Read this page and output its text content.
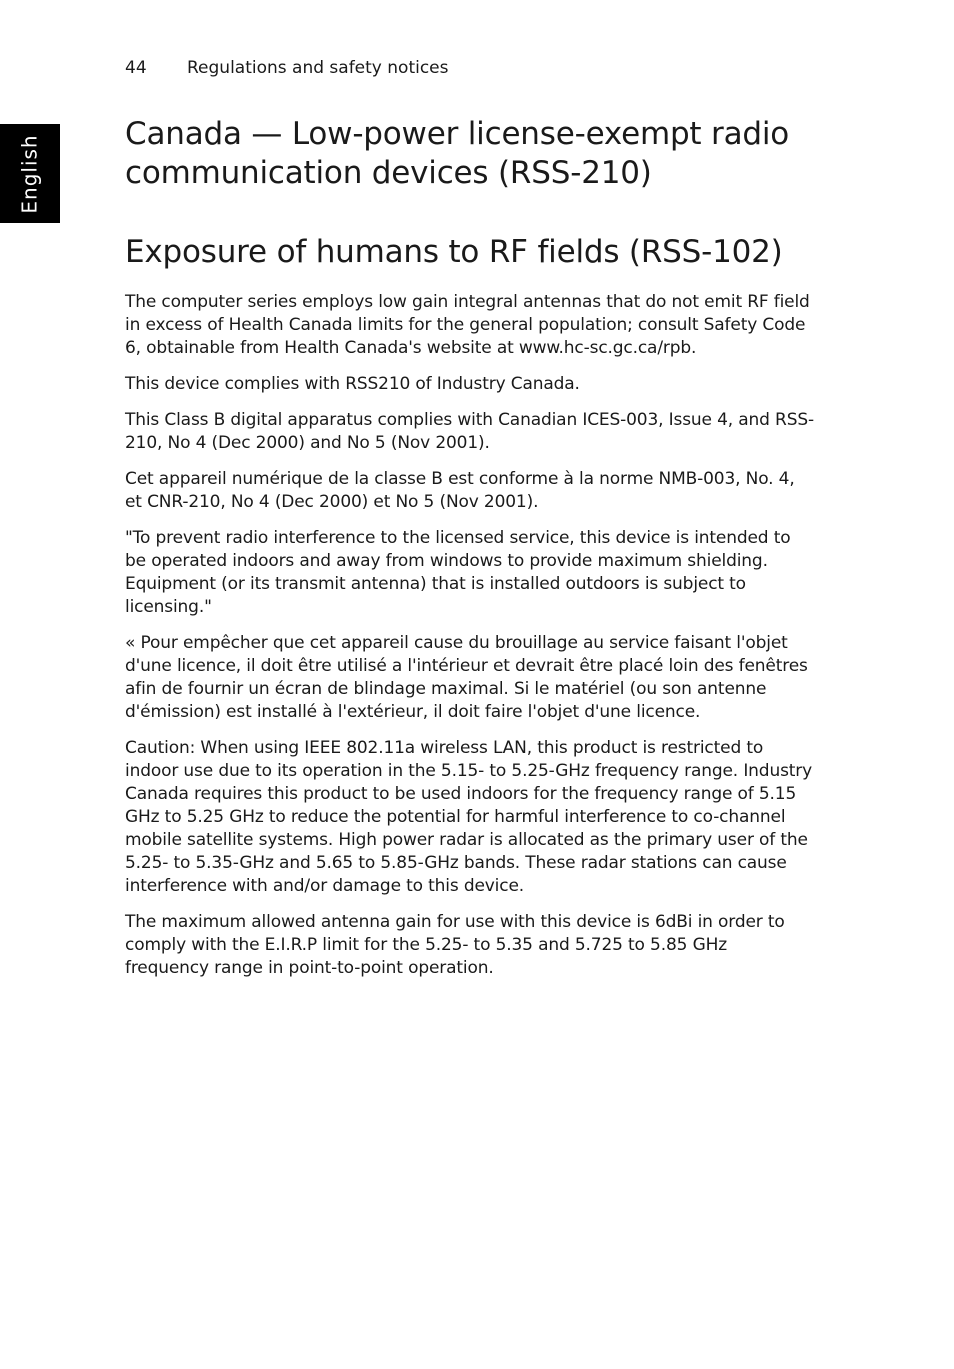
44	Regulations and safety notices
English	Canada — Low-power license-exempt radio communication devices (RSS-210)
Exposure of humans to RF fields (RSS-102)

The computer series employs low gain integral antennas that do not emit RF field in excess of Health Canada limits for the general population; consult Safety Code 6, obtainable from Health Canada's website at www.hc-sc.gc.ca/rpb.

This device complies with RSS210 of Industry Canada.

This Class B digital apparatus complies with Canadian ICES-003, Issue 4, and RSS-210, No 4 (Dec 2000) and No 5 (Nov 2001).

Cet appareil numérique de la classe B est conforme à la norme NMB-003, No. 4, et CNR-210, No 4 (Dec 2000) et No 5 (Nov 2001).

"To prevent radio interference to the licensed service, this device is intended to be operated indoors and away from windows to provide maximum shielding. Equipment (or its transmit antenna) that is installed outdoors is subject to licensing."

« Pour empêcher que cet appareil cause du brouillage au service faisant l'objet d'une licence, il doit être utilisé a l'intérieur et devrait être placé loin des fenêtres afin de fournir un écran de blindage maximal. Si le matériel (ou son antenne d'émission) est installé à l'extérieur, il doit faire l'objet d'une licence.

Caution: When using IEEE 802.11a wireless LAN, this product is restricted to indoor use due to its operation in the 5.15- to 5.25-GHz frequency range. Industry Canada requires this product to be used indoors for the frequency range of 5.15 GHz to 5.25 GHz to reduce the potential for harmful interference to co-channel mobile satellite systems. High power radar is allocated as the primary user of the 5.25- to 5.35-GHz and 5.65 to 5.85-GHz bands. These radar stations can cause interference with and/or damage to this device.

The maximum allowed antenna gain for use with this device is 6dBi in order to comply with the E.I.R.P limit for the 5.25- to 5.35 and 5.725 to 5.85 GHz frequency range in point-to-point operation.
